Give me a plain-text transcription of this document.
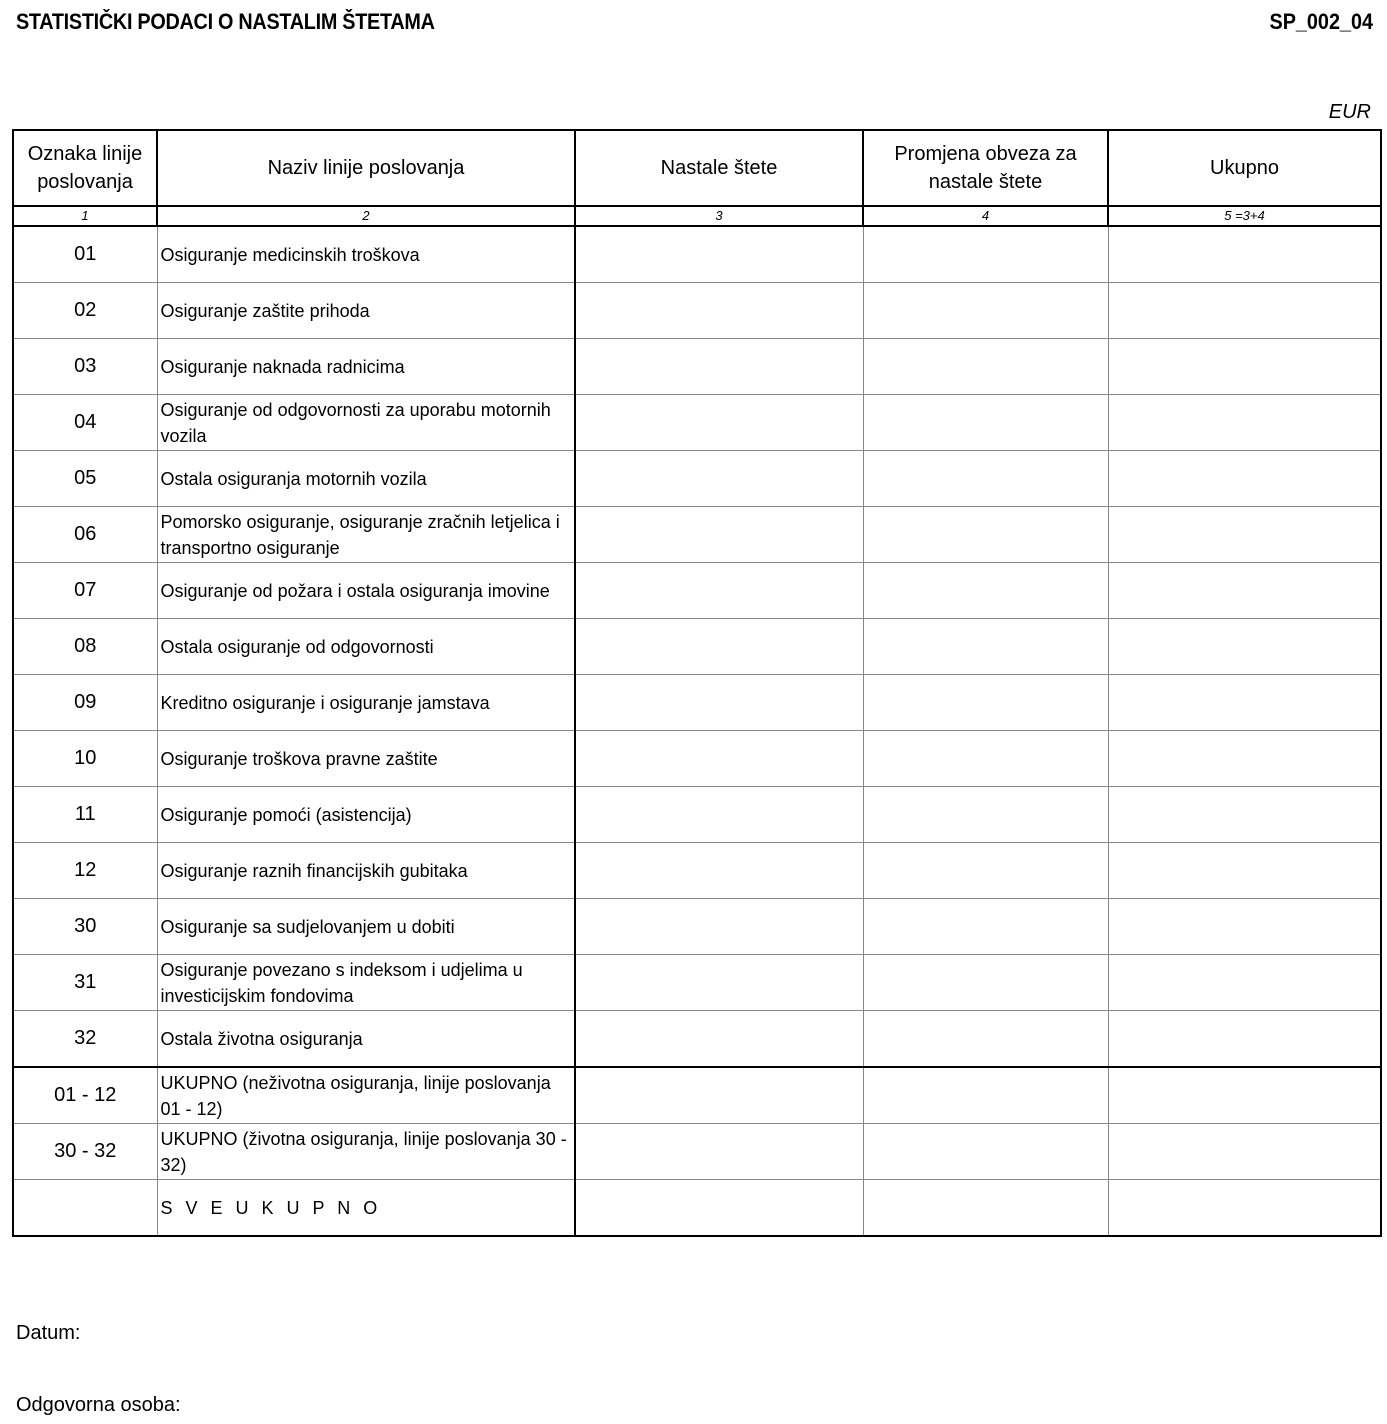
STATISTIČKI PODACI O NASTALIM ŠTETAMA	SP_002_04
EUR
Oznaka linije poslovanja	Naziv linije poslovanja	Nastale štete	Promjena obveza za nastale štete	Ukupno
1	2	3	4	5 =3+4
01	Osiguranje medicinskih troškova			
02	Osiguranje zaštite prihoda			
03	Osiguranje naknada radnicima			
04	Osiguranje od odgovornosti za uporabu motornih vozila			
05	Ostala osiguranja motornih vozila			
06	Pomorsko osiguranje, osiguranje zračnih letjelica i transportno osiguranje			
07	Osiguranje od požara i ostala osiguranja imovine			
08	Ostala osiguranje od odgovornosti			
09	Kreditno osiguranje i osiguranje jamstava			
10	Osiguranje troškova pravne zaštite			
11	Osiguranje pomoći (asistencija)			
12	Osiguranje raznih financijskih gubitaka			
30	Osiguranje sa sudjelovanjem u dobiti			
31	Osiguranje povezano s indeksom i udjelima u investicijskim fondovima			
32	Ostala životna osiguranja			
01 - 12	UKUPNO (neživotna osiguranja, linije poslovanja 01 - 12)			
30 - 32	UKUPNO (životna osiguranja, linije poslovanja 30 - 32)			
	S V E U K U P N O			
Datum:
Odgovorna osoba:
